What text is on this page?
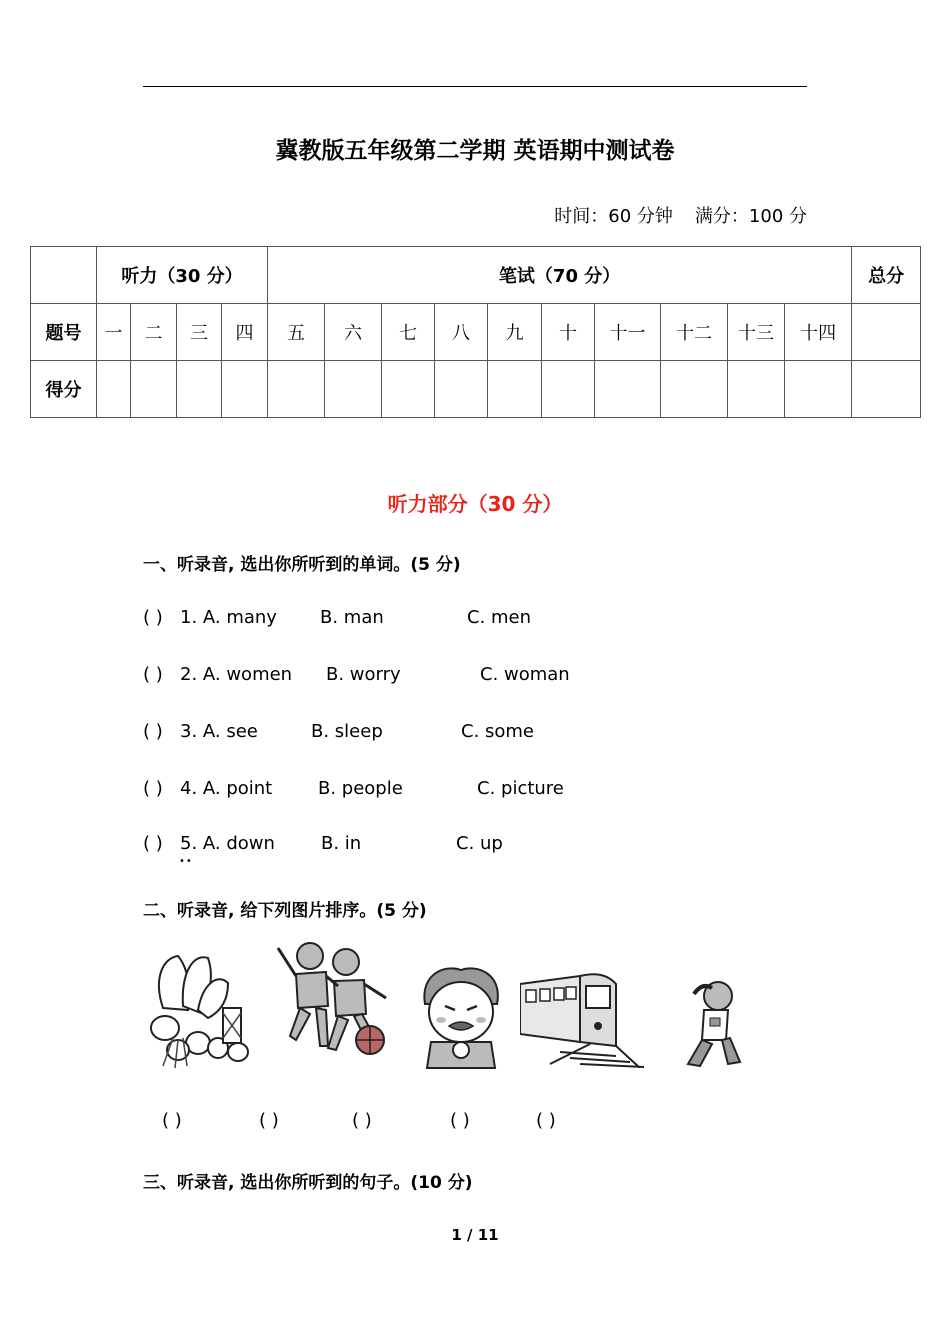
冀教版五年级第二学期 英语期中测试卷
时间：60 分钟 满分：100 分
	听力（30 分）				笔试（70 分）										总分
题号	一	二	三	四	五	六	七	八	九	十	十一	十二	十三	十四	
得分															
听力部分（30 分）
一、听录音, 选出你所听到的单词。(5 分)
( ) 1. A. many B. man	C. men
( ) 2. A. women B. worry	C. woman
( ) 3. A. see	B. sleep	C. some
( ) 4. A. point	B. people	C. picture
( ) 5. A. down	B. in	C. up
••
二、听录音, 给下列图片排序。(5 分)
( )	( )	( )	( )	( )
三、听录音, 选出你所听到的句子。(10 分)
1 / 11
